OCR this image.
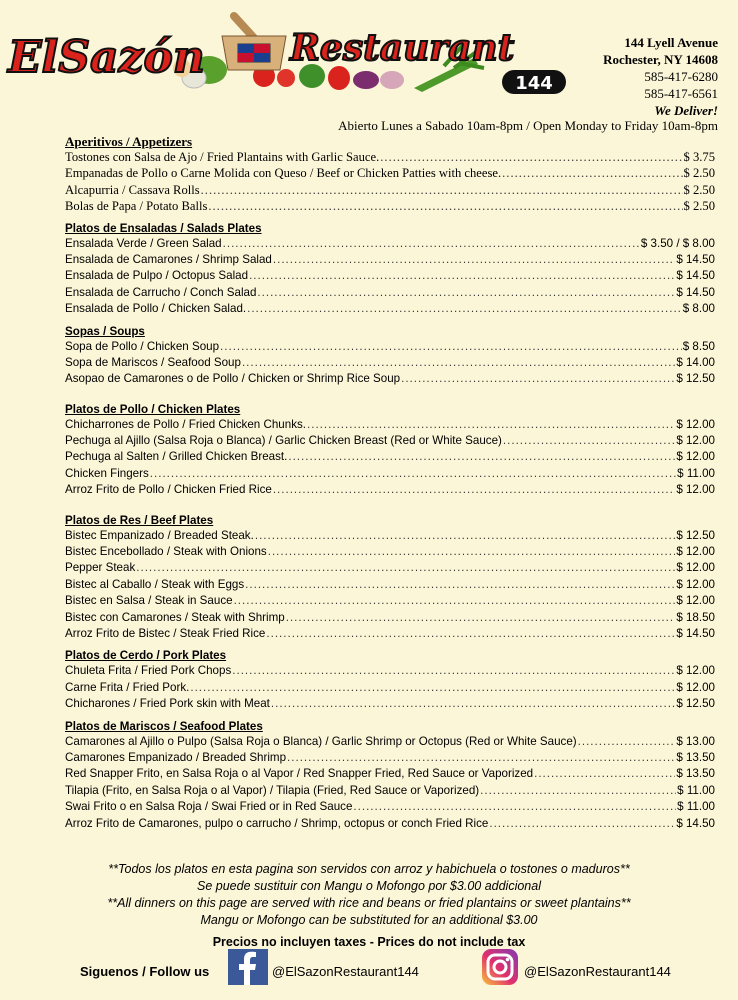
ElSazón Restaurant
144
144 Lyell Avenue
Rochester, NY 14608
585-417-6280
585-417-6561
We Deliver!
Abierto Lunes a Sabado 10am-8pm / Open Monday to Friday 10am-8pm
Aperitivos / Appetizers
Tostones con Salsa de Ajo / Fried Plantains with Garlic Sauce. .....	$ 3.75
Empanadas de Pollo o Carne Molida con Queso / Beef or Chicken Patties with cheese. .....	$ 2.50
Alcapurria / Cassava Rolls .....	$ 2.50
Bolas de Papa / Potato Balls .....	$ 2.50
Platos de Ensaladas / Salads Plates
Ensalada Verde / Green Salad .....	$ 3.50 / $ 8.00
Ensalada de Camarones / Shrimp Salad .....	$ 14.50
Ensalada de Pulpo / Octopus Salad .....	$ 14.50
Ensalada de Carrucho / Conch Salad .....	$ 14.50
Ensalada de Pollo / Chicken Salad. .....	$ 8.00
Sopas / Soups
Sopa de Pollo / Chicken Soup .....	$ 8.50
Sopa de Mariscos / Seafood Soup .....	$ 14.00
Asopao de Camarones o de Pollo / Chicken or Shrimp Rice Soup .....	$ 12.50
Platos de Pollo / Chicken Plates
Chicharrones de Pollo / Fried Chicken Chunks. .....	$ 12.00
Pechuga al Ajillo (Salsa Roja o Blanca) / Garlic Chicken Breast (Red or White Sauce) .....	$ 12.00
Pechuga al Salten / Grilled Chicken Breast. .....	$ 12.00
Chicken Fingers .....	$ 11.00
Arroz Frito de Pollo / Chicken Fried Rice .....	$ 12.00
Platos de Res / Beef Plates
Bistec Empanizado / Breaded Steak. .....	$ 12.50
Bistec Encebollado / Steak with Onions .....	$ 12.00
Pepper Steak .....	$ 12.00
Bistec al Caballo / Steak with Eggs .....	$ 12.00
Bistec en Salsa / Steak in Sauce .....	$ 12.00
Bistec con Camarones / Steak with Shrimp .....	$ 18.50
Arroz Frito de Bistec / Steak Fried Rice .....	$ 14.50
Platos de Cerdo / Pork Plates
Chuleta Frita / Fried Pork Chops .....	$ 12.00
Carne Frita / Fried Pork. .....	$ 12.00
Chicharones / Fried Pork skin with Meat .....	$ 12.50
Platos de Mariscos / Seafood Plates
Camarones al Ajillo o Pulpo (Salsa Roja o Blanca) / Garlic Shrimp or Octopus (Red or White Sauce) .....	$ 13.00
Camarones Empanizado / Breaded Shrimp .....	$ 13.50
Red Snapper Frito, en Salsa Roja o al Vapor / Red Snapper Fried, Red Sauce or Vaporized .....	$ 13.50
Tilapia (Frito, en Salsa Roja o al Vapor) / Tilapia (Fried, Red Sauce or Vaporized) .....	$ 11.00
Swai Frito o en Salsa Roja / Swai Fried or in Red Sauce .....	$ 11.00
Arroz Frito de Camarones, pulpo o carrucho / Shrimp, octopus or conch Fried Rice .....	$ 14.50
**Todos los platos en esta pagina son servidos con arroz y habichuela o tostones o maduros**
Se puede sustituir con Mangu o Mofongo por $3.00 addicional
**All dinners on this page are served with rice and beans or fried plantains or sweet plantains**
Mangu or Mofongo can be substituted for an additional $3.00
Precios no incluyen taxes - Prices do not include tax
Siguenos / Follow us	@ElSazonRestaurant144	@ElSazonRestaurant144
